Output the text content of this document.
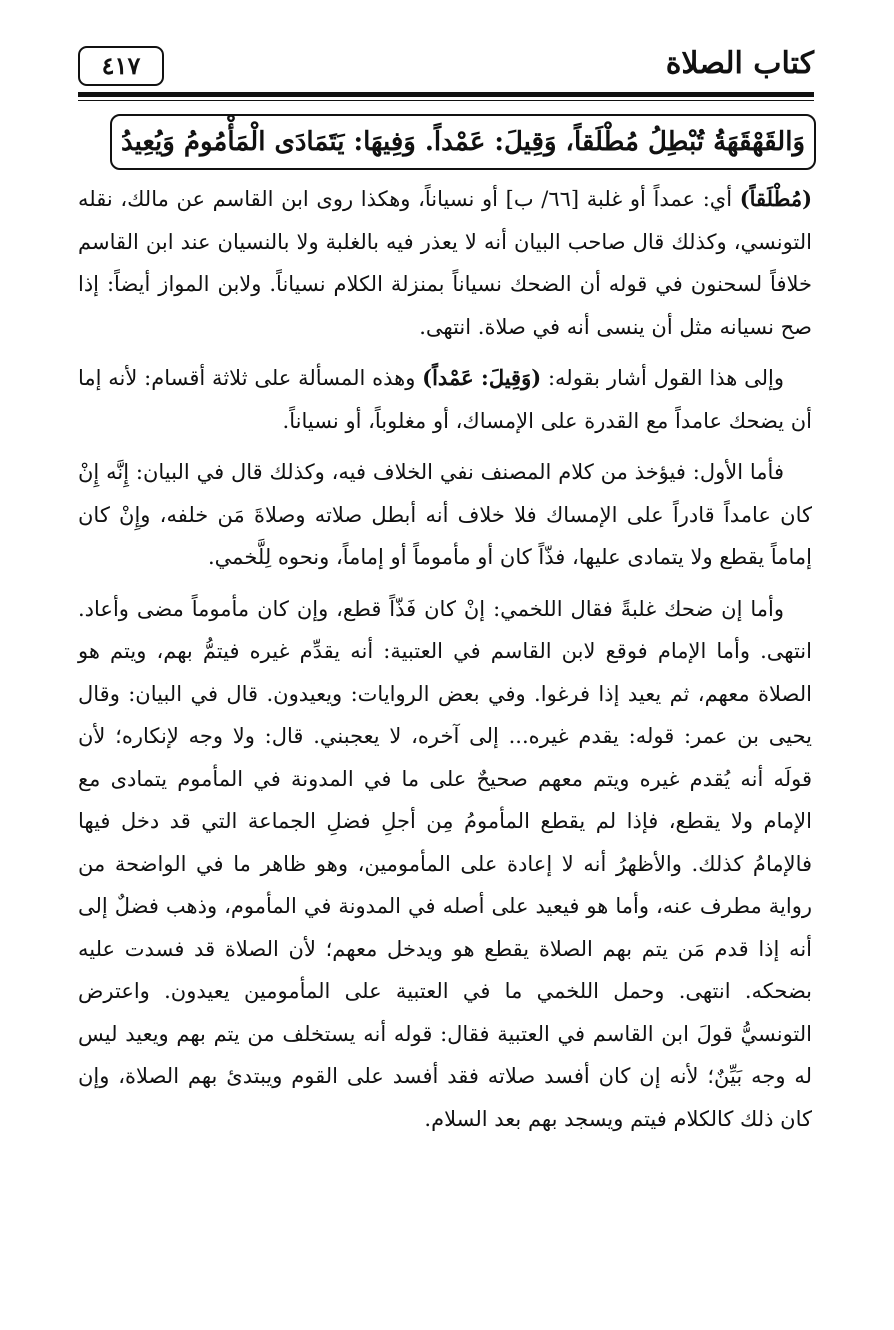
٤١٧	كتاب الصلاة
وَالقَهْقَهَةُ تُبْطِلُ مُطْلَقاً، وَقِيلَ: عَمْداً. وَفِيهَا: يَتَمَادَى الْمَأْمُومُ وَيُعِيدُ

(مُطْلَقاً) أي: عمداً أو غلبة [٦٦/ ب] أو نسياناً، وهكذا روى ابن القاسم عن مالك، نقله التونسي، وكذلك قال صاحب البيان أنه لا يعذر فيه بالغلبة ولا بالنسيان عند ابن القاسم خلافاً لسحنون في قوله أن الضحك نسياناً بمنزلة الكلام نسياناً. ولابن المواز أيضاً: إذا صح نسيانه مثل أن ينسى أنه في صلاة. انتهى.

وإلى هذا القول أشار بقوله: (وَقِيلَ: عَمْداً) وهذه المسألة على ثلاثة أقسام: لأنه إما أن يضحك عامداً مع القدرة على الإمساك، أو مغلوباً، أو نسياناً.

فأما الأول: فيؤخذ من كلام المصنف نفي الخلاف فيه، وكذلك قال في البيان: إِنَّه إِنْ كان عامداً قادراً على الإمساك فلا خلاف أنه أبطل صلاته وصلاةَ مَن خلفه، وإِنْ كان إماماً يقطع ولا يتمادى عليها، فذّاً كان أو مأموماً أو إماماً، ونحوه لِلَّخمي.

وأما إن ضحك غلبةً فقال اللخمي: إنْ كان فَذّاً قطع، وإن كان مأموماً مضى وأعاد. انتهى. وأما الإمام فوقع لابن القاسم في العتبية: أنه يقدِّم غيره فيتمُّ بهم، ويتم هو الصلاة معهم، ثم يعيد إذا فرغوا. وفي بعض الروايات: ويعيدون. قال في البيان: وقال يحيى بن عمر: قوله: يقدم غيره... إلى آخره، لا يعجبني. قال: ولا وجه لإنكاره؛ لأن قولَه أنه يُقدم غيره ويتم معهم صحيحٌ على ما في المدونة في المأموم يتمادى مع الإمام ولا يقطع، فإذا لم يقطع المأمومُ مِن أجلِ فضلِ الجماعة التي قد دخل فيها فالإمامُ كذلك. والأظهرُ أنه لا إعادة على المأمومين، وهو ظاهر ما في الواضحة من رواية مطرف عنه، وأما هو فيعيد على أصله في المدونة في المأموم، وذهب فضلٌ إلى أنه إذا قدم مَن يتم بهم الصلاة يقطع هو ويدخل معهم؛ لأن الصلاة قد فسدت عليه بضحكه. انتهى. وحمل اللخمي ما في العتبية على المأمومين يعيدون. واعترض التونسيُّ قولَ ابن القاسم في العتبية فقال: قوله أنه يستخلف من يتم بهم ويعيد ليس له وجه بَيِّنٌ؛ لأنه إن كان أفسد صلاته فقد أفسد على القوم ويبتدئ بهم الصلاة، وإن كان ذلك كالكلام فيتم ويسجد بهم بعد السلام.
